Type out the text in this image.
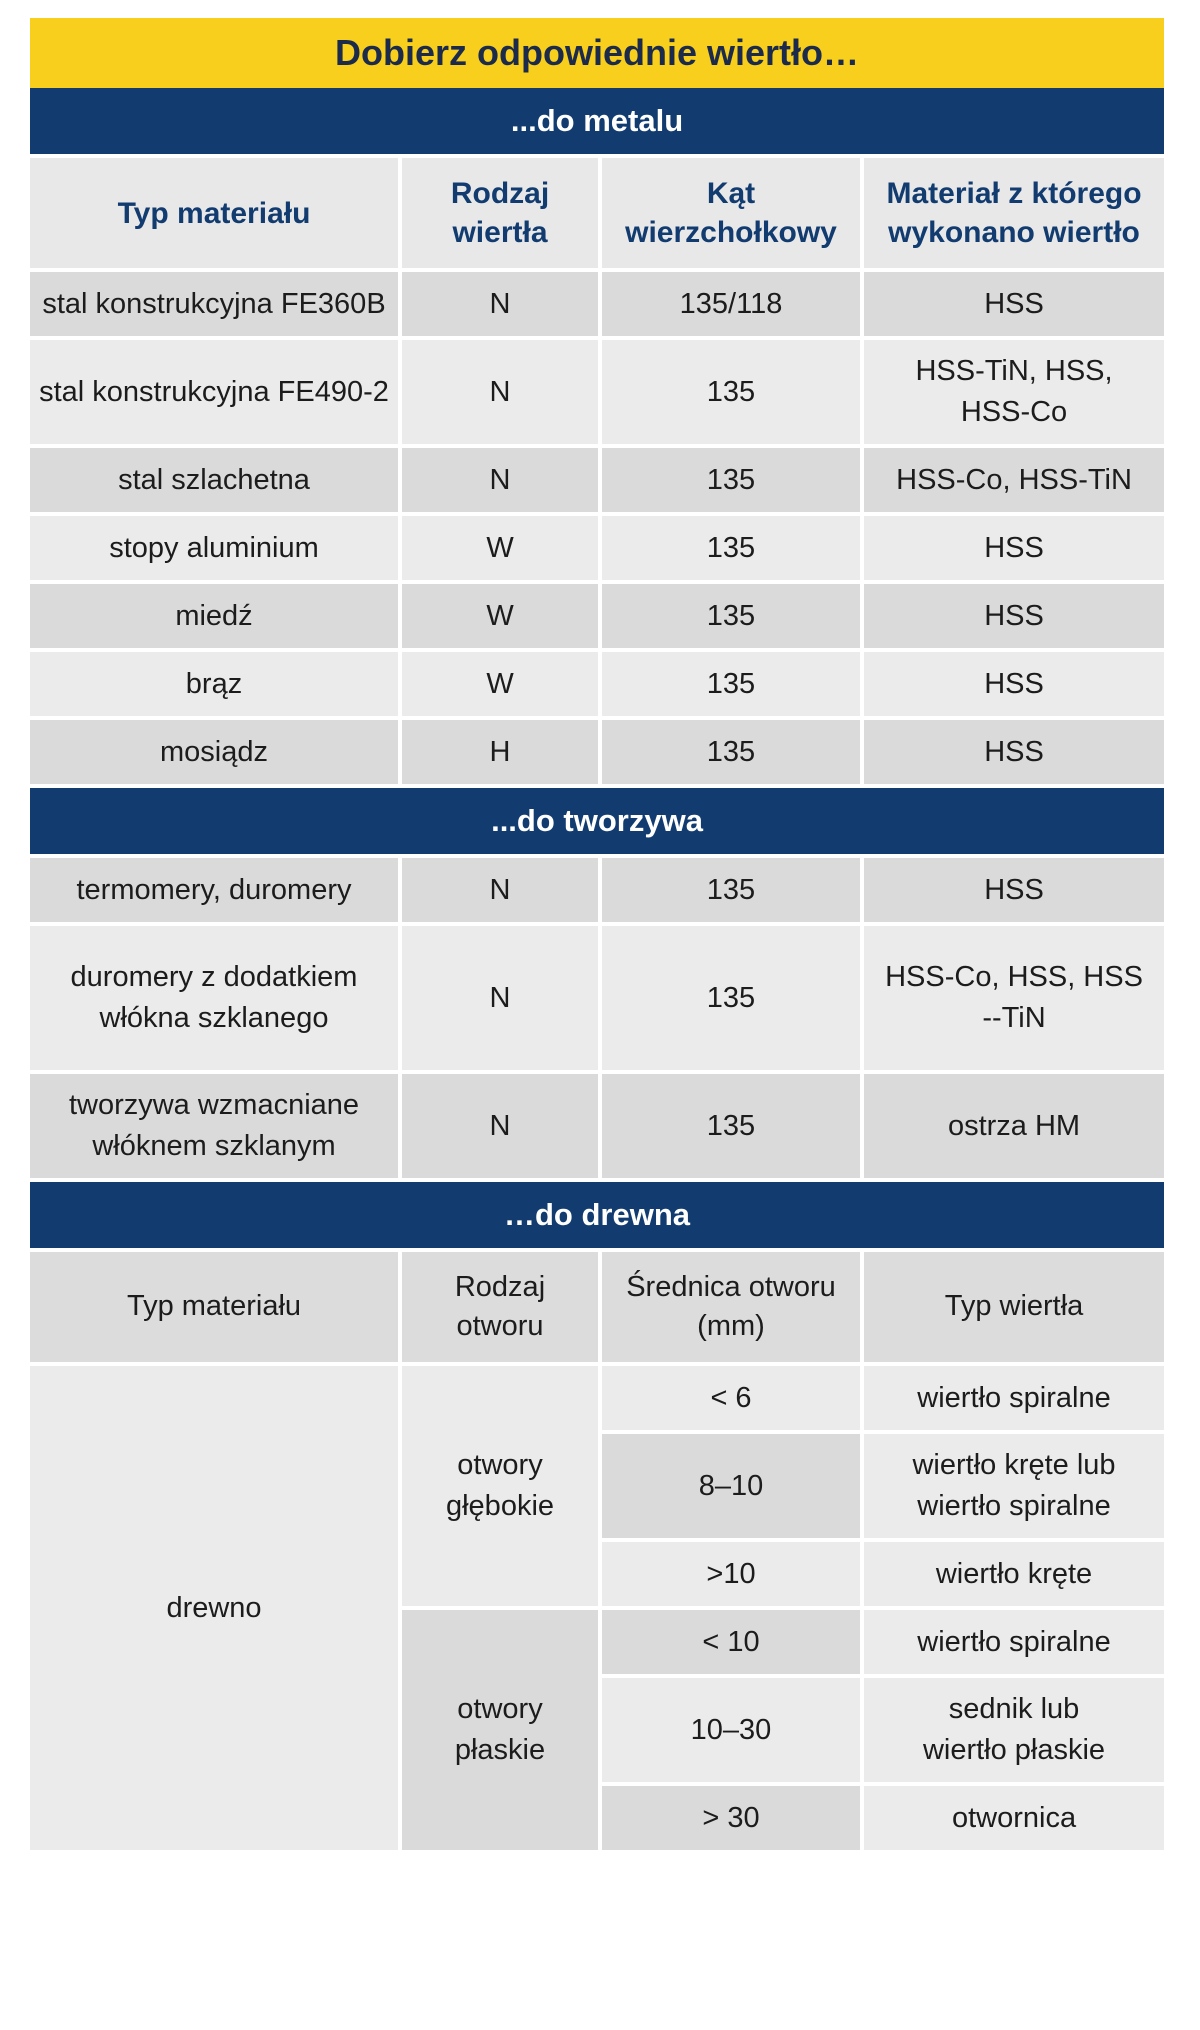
Dobierz odpowiednie wiertło…			
...do metalu			
Typ materiału	Rodzaj wiertła	Kąt wierzchołkowy	Materiał z którego wykonano wiertło
stal konstrukcyjna FE360B	N	135/118	HSS
stal konstrukcyjna FE490-2	N	135	HSS-TiN, HSS, HSS-Co
stal szlachetna	N	135	HSS-Co, HSS-TiN
stopy aluminium	W	135	HSS
miedź	W	135	HSS
brąz	W	135	HSS
mosiądz	H	135	HSS
...do tworzywa			
termomery, duromery	N	135	HSS
duromery z dodatkiem włókna szklanego	N	135	HSS-Co, HSS, HSS--TiN
tworzywa wzmacniane włóknem szklanym	N	135	ostrza HM
…do drewna			
Typ materiału	Rodzaj otworu	Średnica otworu (mm)	Typ wiertła
drewno	otwory głębokie	< 6	wiertło spiralne
		8–10	wiertło kręte lub wiertło spiralne
		>10	wiertło kręte
	otwory płaskie	< 10	wiertło spiralne
		10–30	sednik lub wiertło płaskie
		> 30	otwornica
